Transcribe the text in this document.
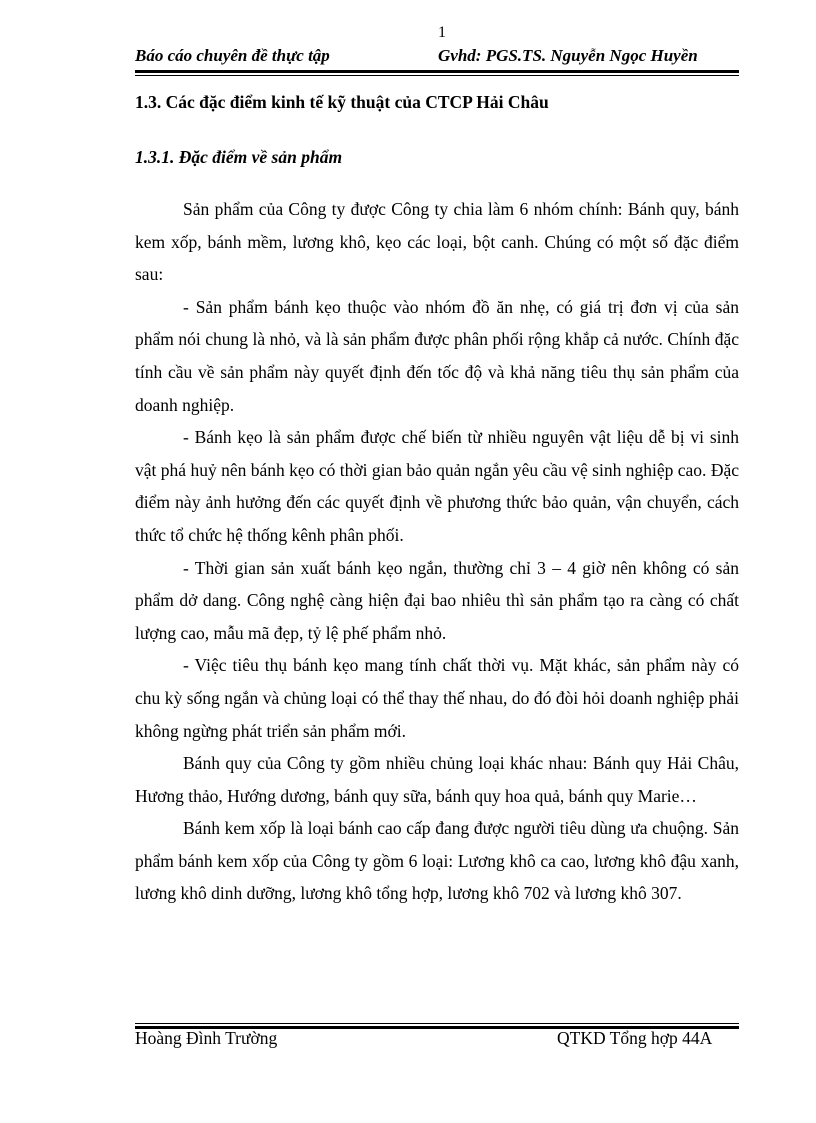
1
Báo cáo chuyên đề thực tập	Gvhd: PGS.TS. Nguyễn Ngọc Huyền
1.3. Các đặc điểm kinh tế kỹ thuật của CTCP Hải Châu
1.3.1. Đặc điểm về sản phẩm

Sản phẩm của Công ty được Công ty chia làm 6 nhóm chính: Bánh quy, bánh kem xốp, bánh mềm, lương khô, kẹo các loại, bột canh. Chúng có một số đặc điểm sau:

- Sản phẩm bánh kẹo thuộc vào nhóm đồ ăn nhẹ, có giá trị đơn vị của sản phẩm nói chung là nhỏ, và là sản phẩm được phân phối rộng khắp cả nước. Chính đặc tính cầu về sản phẩm này quyết định đến tốc độ và khả năng tiêu thụ sản phẩm của doanh nghiệp.

- Bánh kẹo là sản phẩm được chế biến từ nhiều nguyên vật liệu dễ bị vi sinh vật phá huỷ nên bánh kẹo có thời gian bảo quản ngắn yêu cầu vệ sinh nghiệp cao. Đặc điểm này ảnh hưởng đến các quyết định về phương thức bảo quản, vận chuyển, cách thức tổ chức hệ thống kênh phân phối.

- Thời gian sản xuất bánh kẹo ngắn, thường chỉ 3 – 4 giờ nên không có sản phẩm dở dang. Công nghệ càng hiện đại bao nhiêu thì sản phẩm tạo ra càng có chất lượng cao, mẫu mã đẹp, tỷ lệ phế phẩm nhỏ.

- Việc tiêu thụ bánh kẹo mang tính chất thời vụ. Mặt khác, sản phẩm này có chu kỳ sống ngắn và chủng loại có thể thay thế nhau, do đó đòi hỏi doanh nghiệp phải không ngừng phát triển sản phẩm mới.

Bánh quy của Công ty gồm nhiều chủng loại khác nhau: Bánh quy Hải Châu, Hương thảo, Hướng dương, bánh quy sữa, bánh quy hoa quả, bánh quy Marie…

Bánh kem xốp là loại bánh cao cấp đang được người tiêu dùng ưa chuộng. Sản phẩm bánh kem xốp của Công ty gồm 6 loại: Lương khô ca cao, lương khô đậu xanh, lương khô dinh dưỡng, lương khô tổng hợp, lương khô 702 và lương khô 307.

Hoàng Đình Trường	QTKD Tổng hợp 44A
